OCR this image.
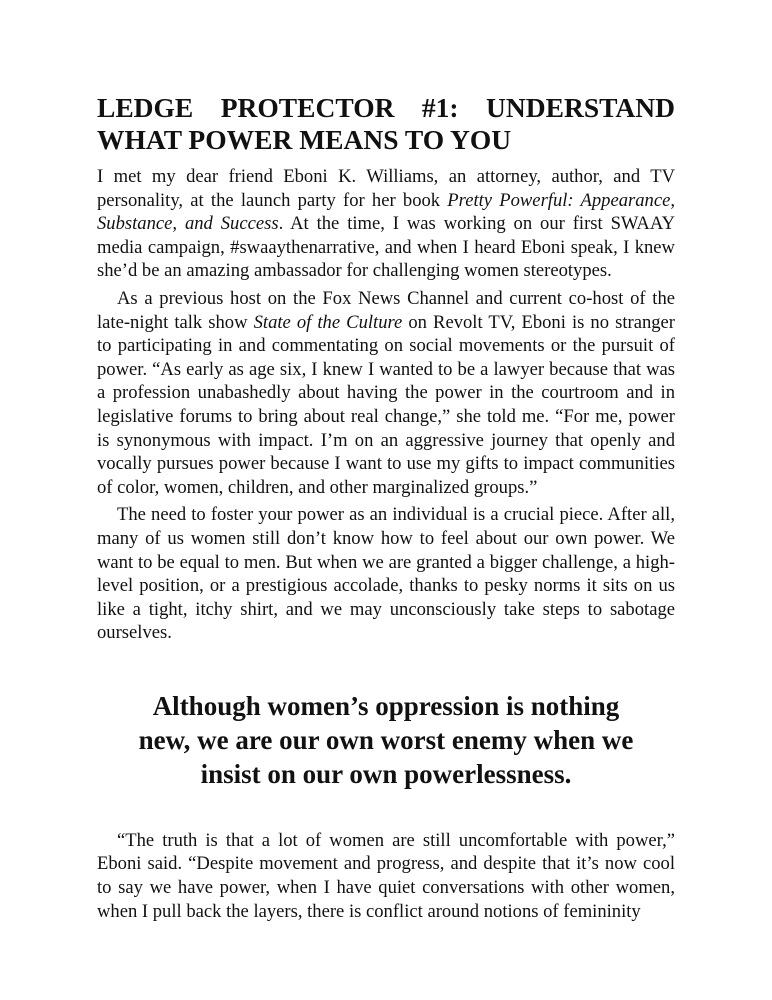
LEDGE PROTECTOR #1: UNDERSTAND
WHAT POWER MEANS TO YOU

I met my dear friend Eboni K. Williams, an attorney, author, and TV personality, at the launch party for her book Pretty Powerful: Appearance, Substance, and Success. At the time, I was working on our first SWAAY media campaign, #swaaythenarrative, and when I heard Eboni speak, I knew she’d be an amazing ambassador for challenging women stereotypes.

As a previous host on the Fox News Channel and current co-host of the late-night talk show State of the Culture on Revolt TV, Eboni is no stranger to participating in and commentating on social movements or the pursuit of power. “As early as age six, I knew I wanted to be a lawyer because that was a profession unabashedly about having the power in the courtroom and in legislative forums to bring about real change,” she told me. “For me, power is synonymous with impact. I’m on an aggressive journey that openly and vocally pursues power because I want to use my gifts to impact communities of color, women, children, and other marginalized groups.”

The need to foster your power as an individual is a crucial piece. After all, many of us women still don’t know how to feel about our own power. We want to be equal to men. But when we are granted a bigger challenge, a high-level position, or a prestigious accolade, thanks to pesky norms it sits on us like a tight, itchy shirt, and we may unconsciously take steps to sabotage ourselves.

Although women’s oppression is nothing
new, we are our own worst enemy when we
insist on our own powerlessness.

“The truth is that a lot of women are still uncomfortable with power,” Eboni said. “Despite movement and progress, and despite that it’s now cool to say we have power, when I have quiet conversations with other women, when I pull back the layers, there is conflict around notions of femininity
